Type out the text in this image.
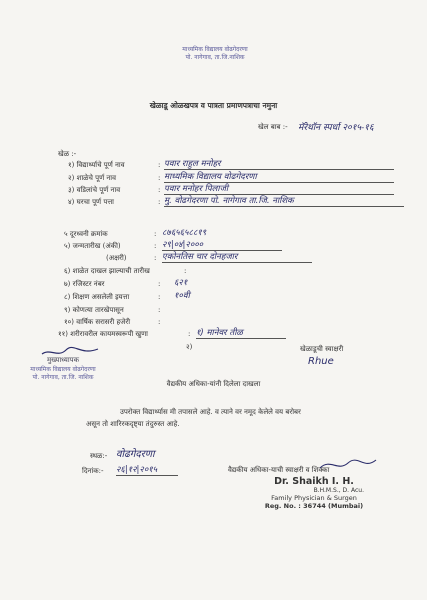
माध्यमिक विद्यालय वोढगेदरणा
पो. नागेगाव, ता.जि.नाशिक
खेळाडू ओळखपत्र व पात्रता प्रमाणपत्राचा नमुना
खेल बाब :- मॅरेथॉन स्पर्धा २०१५-१६
खेळ :-
१) विद्यार्थ्याचे पूर्ण नाव	: पवार राहुल मनोहर
२) शाळेचे पूर्ण नाव	: माध्यमिक विद्यालय वोढगेदरणा
३) वडिलांचे पूर्ण नाव	: पवार मनोहर पिलाजी
४) घरचा पूर्ण पत्ता	: मु. वोढगेदरणा पो. नागेगाव ता.जि. नाशिक
५ दूरध्वनी क्रमांक	: ८७६५६५८८१९
५) जन्मतारीख (अंकी)	: २९|०४|२०००
(अक्षरी)	: एकोनतिस चार दोनहजार
६) शाळेत दाखल झाल्याची तारीख	:
७) रजिस्टर नंबर	: ६२१
८) शिक्षण असलेली इयत्ता	: १०वी
९) कोणत्या तारखेपासून	:
१०) वार्षिक सरासरी हजेरी	:
११) शरीरावरील कायमस्वरूपी खुणा	: १) मानेवर तीळ
२)	खेळाडूची स्वाक्षरी
Rhue
मुख्याध्यापक
माध्यमिक विद्यालय वोढगेदरणा
पो. नागेगाव, ता.जि. नाशिक
वैद्यकीय अधिका-यांनी दिलेला दाखला
उपरोक्त विद्यार्थ्यास मी तपासले आहे. व त्याने वर नमूद केलेले वय बरोबर
असून तो शारिरकदृष्ट्या तंदुरुस्त आहे.
स्थळ:- वोढगेदरणा
दिनांक:- २६|१२|२०१५	वैद्यकीय अधिका-याची स्वाक्षरी व शिक्का
Dr. Shaikh I. H.
B.H.M.S., D. Acu.
Family Physician & Surgen
Reg. No. : 36744 (Mumbai)
